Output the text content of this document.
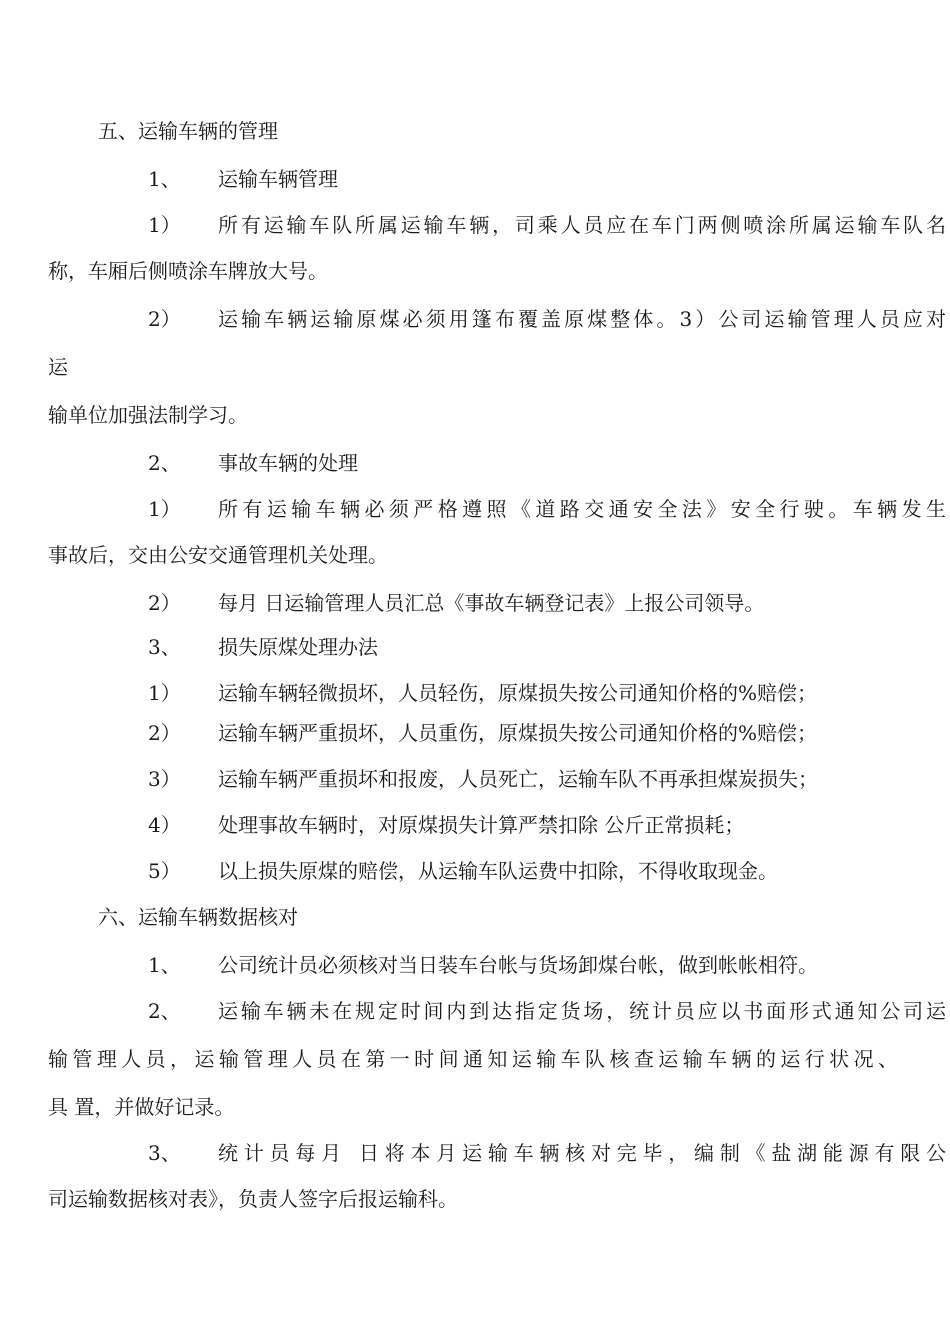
五、运输车辆的管理
1、 运输车辆管理
1） 所有运输车队所属运输车辆，司乘人员应在车门两侧喷涂所属运输车队名
称，车厢后侧喷涂车牌放大号。
2） 运输车辆运输原煤必须用篷布覆盖原煤整体。3）公司运输管理人员应对
运
输单位加强法制学习。
2、 事故车辆的处理
1） 所有运输车辆必须严格遵照《道路交通安全法》安全行驶。车辆发生
事故后，交由公安交通管理机关处理。
2） 每月 日运输管理人员汇总《事故车辆登记表》上报公司领导。
3、 损失原煤处理办法
1） 运输车辆轻微损坏，人员轻伤，原煤损失按公司通知价格的%赔偿；
2） 运输车辆严重损坏，人员重伤，原煤损失按公司通知价格的%赔偿；
3） 运输车辆严重损坏和报废，人员死亡，运输车队不再承担煤炭损失；
4） 处理事故车辆时，对原煤损失计算严禁扣除 公斤正常损耗；
5） 以上损失原煤的赔偿，从运输车队运费中扣除，不得收取现金。
六、运输车辆数据核对
1、 公司统计员必须核对当日装车台帐与货场卸煤台帐，做到帐帐相符。
2、 运输车辆未在规定时间内到达指定货场，统计员应以书面形式通知公司运
输管理人员，运输管理人员在第一时间通知运输车队核查运输车辆的运行状况、
具 置，并做好记录。
3、 统计员每月 日将本月运输车辆核对完毕，编制《盐湖能源有限公
司运输数据核对表》，负责人签字后报运输科。
